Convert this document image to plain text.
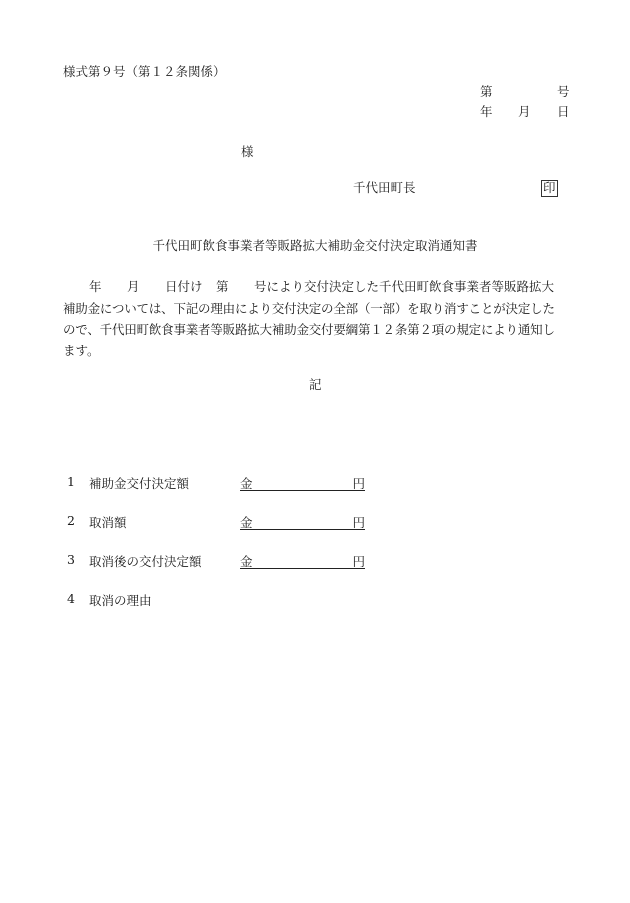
様式第９号（第１２条関係）
第	号
年 月 日
様
千代田町長	印
千代田町飲食事業者等販路拡大補助金交付決定取消通知書
年 月 日付け 第 号により交付決定した千代田町飲食事業者等販路拡大
補助金については、下記の理由により交付決定の全部（一部）を取り消すことが決定した
ので、千代田町飲食事業者等販路拡大補助金交付要綱第１２条第２項の規定により通知し
ます。
記
1 補助金交付決定額	金	円
2 取消額	金	円
3 取消後の交付決定額	金	円
4 取消の理由
